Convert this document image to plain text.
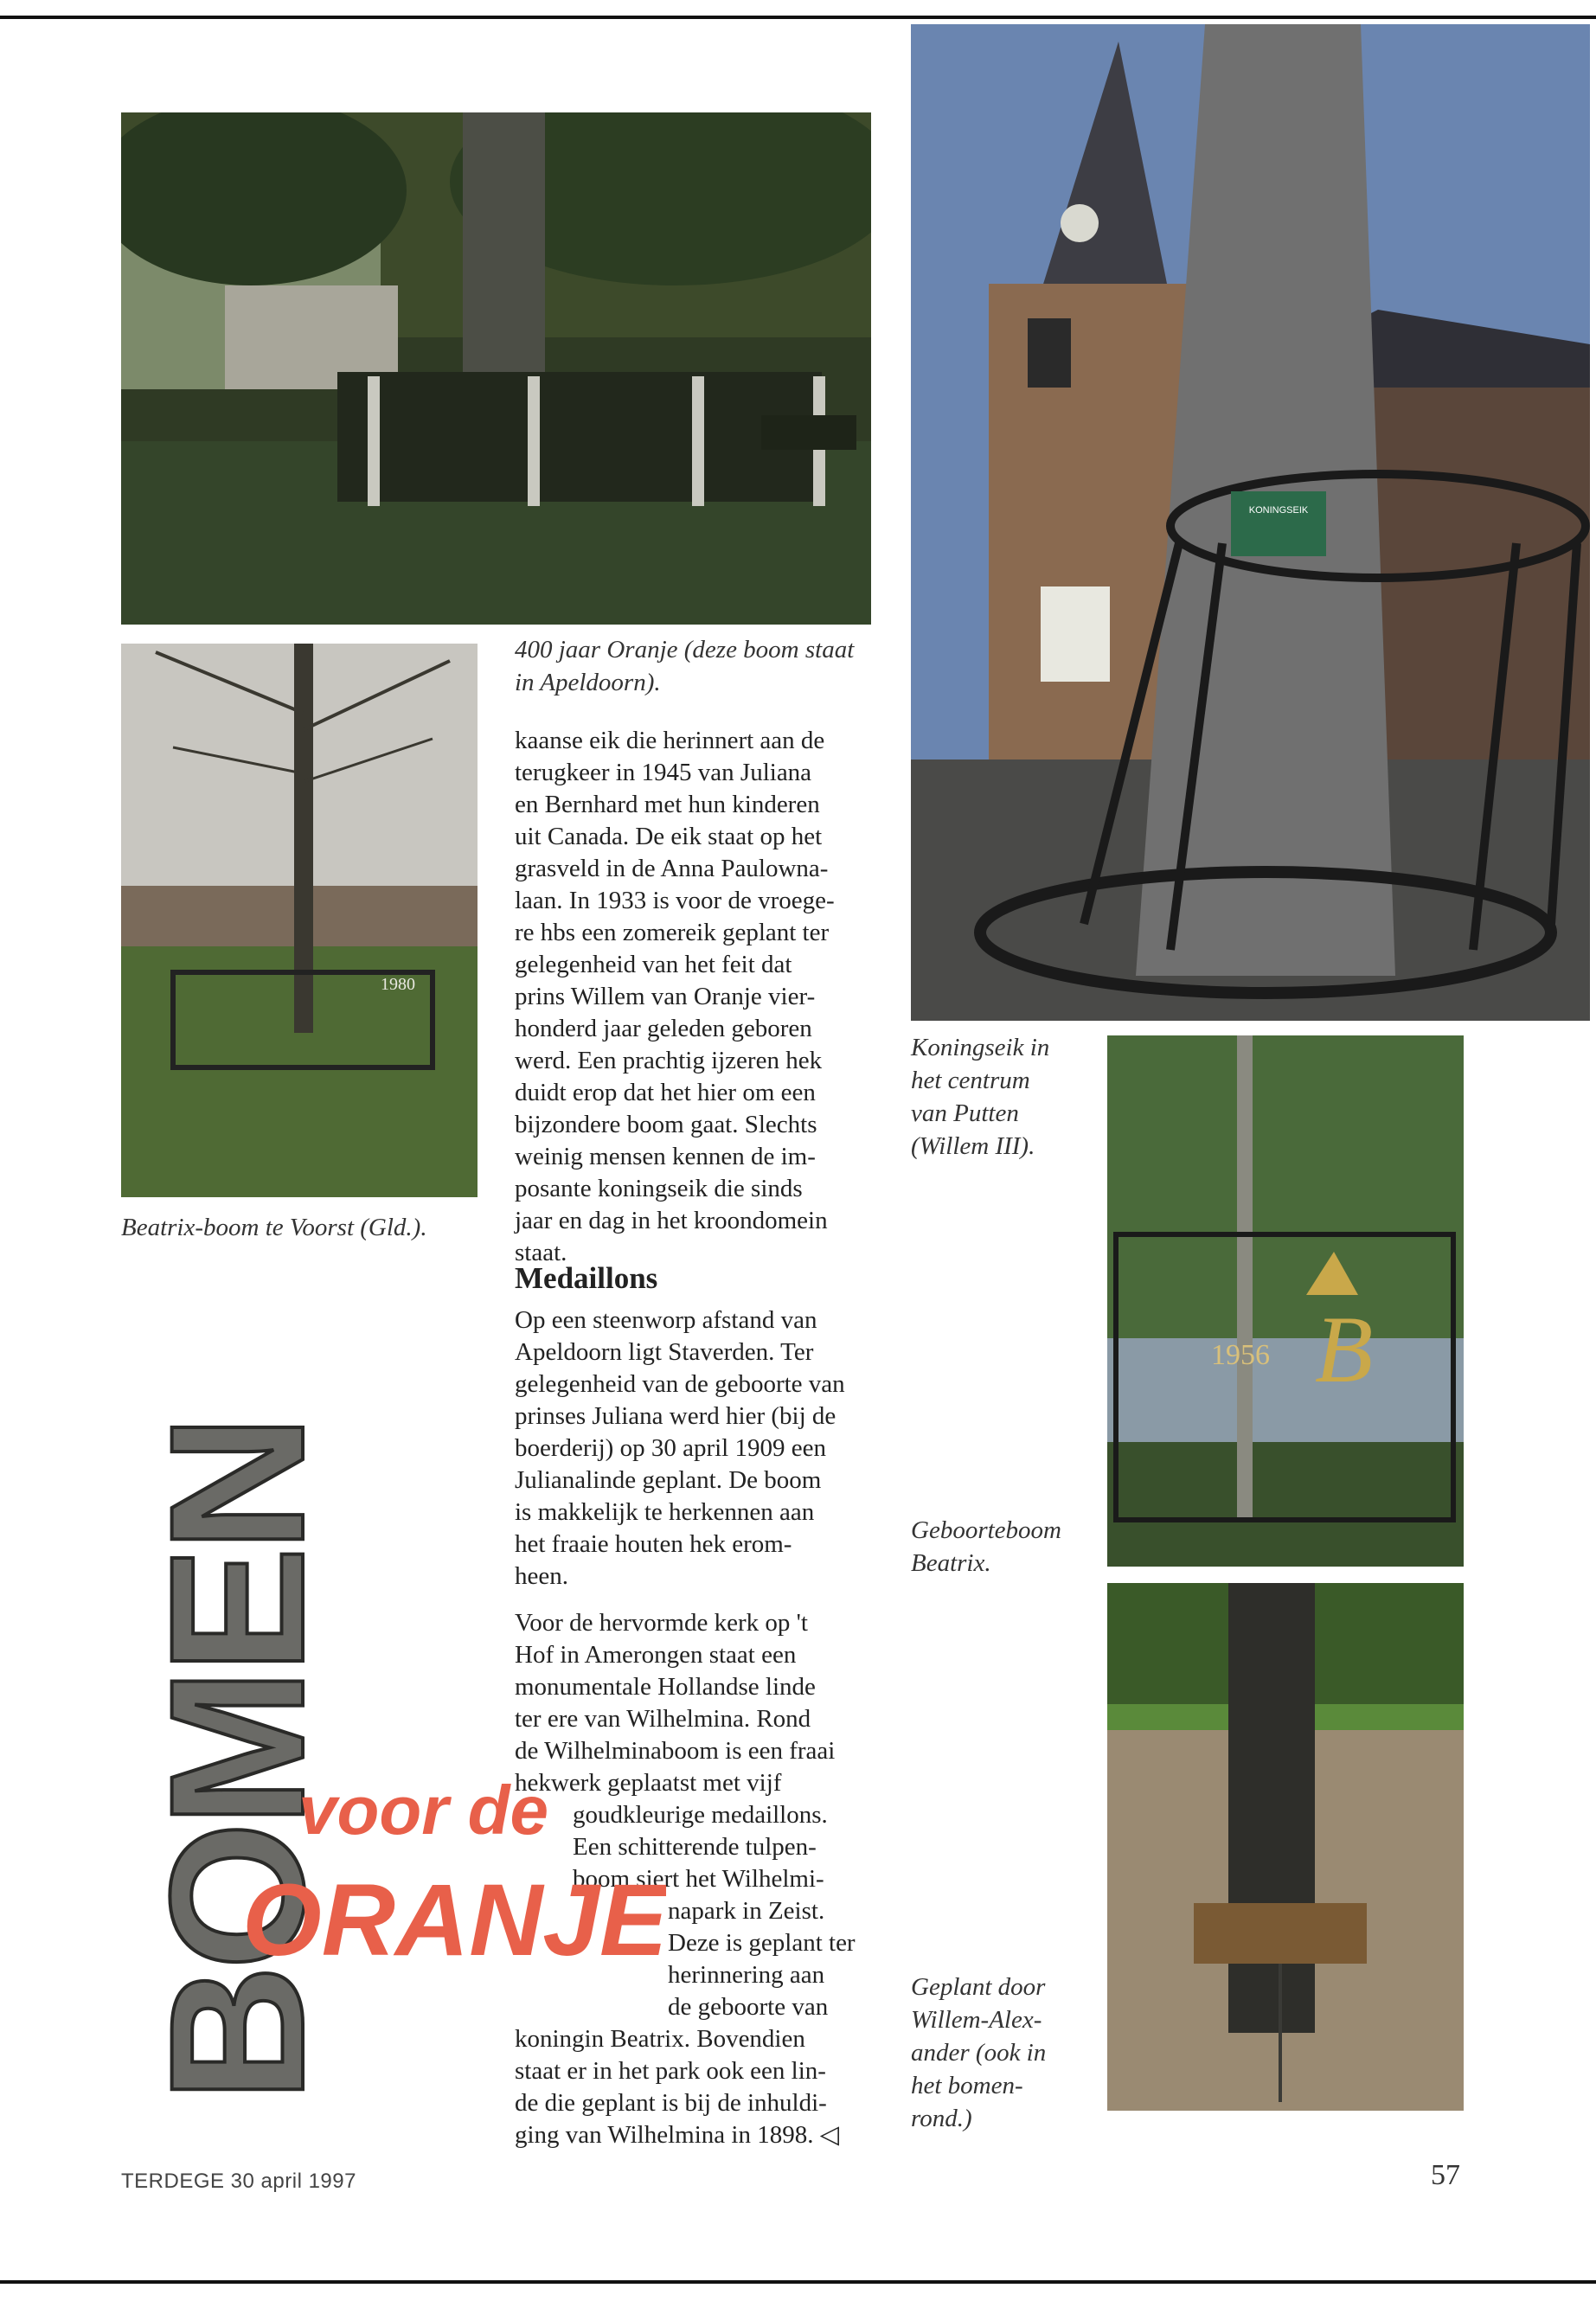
KONINGSEIK
1980
1956 B
400 jaar Oranje (deze boom staat
in Apeldoorn).
Beatrix-boom te Voorst (Gld.).
Koningseik in
het centrum
van Putten
(Willem III).
Geboorteboom
Beatrix.
Geplant door
Willem-Alex-
ander (ook in
het bomen-
rond.)

kaanse eik die herinnert aan de
terugkeer in 1945 van Juliana
en Bernhard met hun kinderen
uit Canada. De eik staat op het
grasveld in de Anna Paulowna-
laan. In 1933 is voor de vroege-
re hbs een zomereik geplant ter
gelegenheid van het feit dat
prins Willem van Oranje vier-
honderd jaar geleden geboren
werd. Een prachtig ijzeren hek
duidt erop dat het hier om een
bijzondere boom gaat. Slechts
weinig mensen kennen de im-
posante koningseik die sinds
jaar en dag in het kroondomein
staat.

Medaillons

Op een steenworp afstand van
Apeldoorn ligt Staverden. Ter
gelegenheid van de geboorte van
prinses Juliana werd hier (bij de
boerderij) op 30 april 1909 een
Julianalinde geplant. De boom
is makkelijk te herkennen aan
het fraaie houten hek erom-
heen.

Voor de hervormde kerk op 't
Hof in Amerongen staat een
monumentale Hollandse linde
ter ere van Wilhelmina. Rond
de Wilhelminaboom is een fraai
hekwerk geplaatst met vijf

goudkleurige medaillons.
Een schitterende tulpen-
boom siert het Wilhelmi-

napark in Zeist.
Deze is geplant ter
herinnering aan
de geboorte van

koningin Beatrix. Bovendien
staat er in het park ook een lin-
de die geplant is bij de inhuldi-
ging van Wilhelmina in 1898. ◁

BOMEN
voor de
ORANJE
TERDEGE 30 april 1997	57
